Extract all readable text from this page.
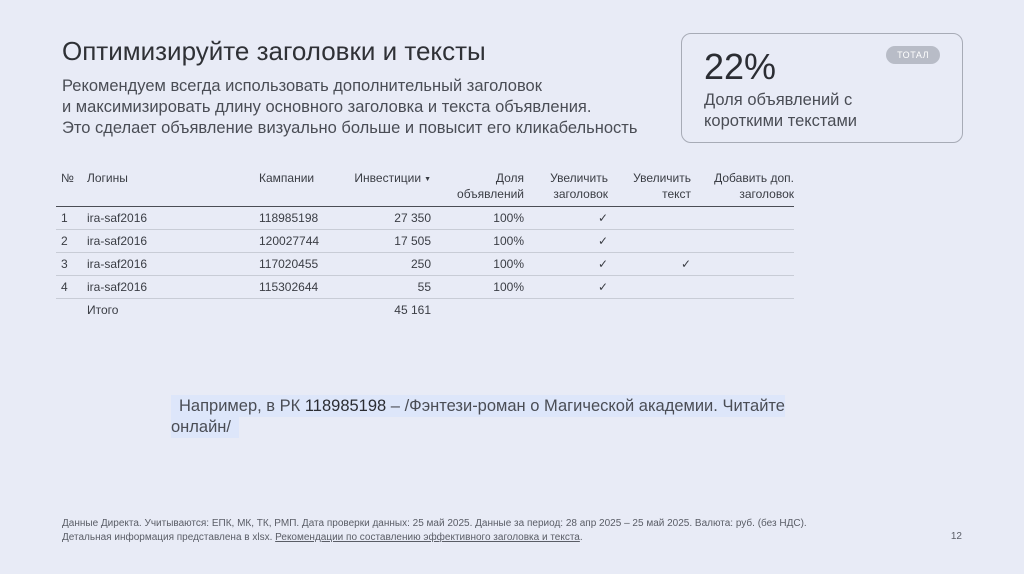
Оптимизируйте заголовки и тексты
Рекомендуем всегда использовать дополнительный заголовок
и максимизировать длину основного заголовка и текста объявления.
Это сделает объявление визуально больше и повысит его кликабельность
22%	ТОТАЛ
Доля объявлений с короткими текстами
№	Логины	Кампании	Инвестиции ▼	Доля объявлений	Увеличить заголовок	Увеличить текст	Добавить доп. заголовок
1	ira-saf2016	118985198	27 350	100%	✓		
2	ira-saf2016	120027744	17 505	100%	✓		
3	ira-saf2016	117020455	250	100%	✓	✓	
4	ira-saf2016	115302644	55	100%	✓		
	Итого		45 161				
Например, в РК 118985198 – /Фэнтези-роман о Магической академии. Читайте онлайн/
Данные Директа. Учитываются: ЕПК, МК, ТК, РМП. Дата проверки данных: 25 май 2025. Данные за период: 28 апр 2025 – 25 май 2025. Валюта: руб. (без НДС).
Детальная информация представлена в xlsx. Рекомендации по составлению эффективного заголовка и текста.	12
